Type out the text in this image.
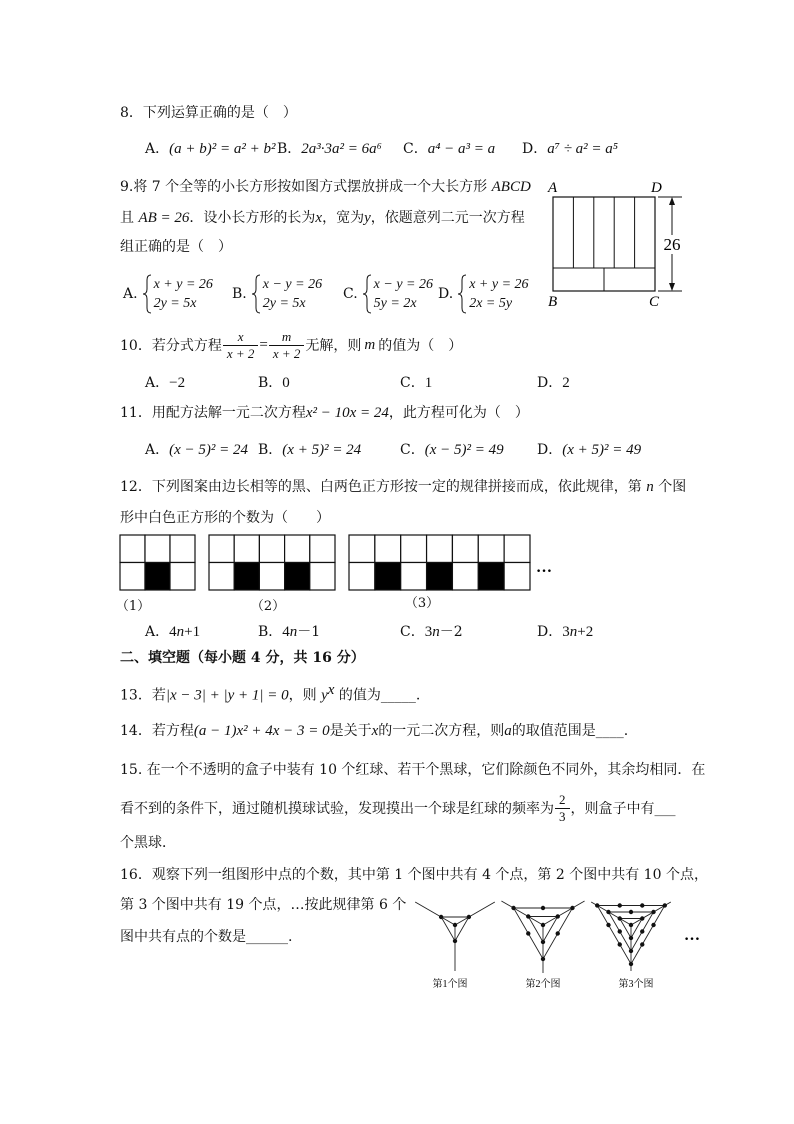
8．下列运算正确的是（　）
A．(a + b)² = a² + b² B．2a³·3a² = 6a⁶ C．a⁴ − a³ = a D．a⁷ ÷ a² = a⁵
9.将 7 个全等的小长方形按如图方式摆放拼成一个大长方形 ABCD
且 AB = 26．设小长方形的长为x，宽为y，依题意列二元一次方程
组正确的是（　）
A.
x + y = 26
2y = 5x
B.
x − y = 26
2y = 5x
C.
x − y = 26
5y = 2x
D.
x + y = 26
2x = 5y
26
A	D
B	C
10．若分式方程 $\frac{x}{x + 2} = \frac{m}{x + 2}$ 无解，则 m 的值为（　）
A．−2	B．0	C．1	D．2
11．用配方法解一元二次方程x² − 10x = 24，此方程可化为（　）
A．(x − 5)² = 24 B．(x + 5)² = 24	C．(x − 5)² = 49 D．(x + 5)² = 49
12．下列图案由边长相等的黑、白两色正方形按一定的规律拼接而成，依此规律，第 n 个图
形中白色正方形的个数为（　　）
…
（1）	（2）	（3）
A．4n+1	B．4n－1	C．3n－2	D．3n+2
二、填空题（每小题 4 分，共 16 分）
13．若|x − 3| + |y + 1| = 0，则 $y^x$ 的值为_____.
14．若方程(a − 1)x² + 4x − 3 = 0是关于x的一元二次方程，则a的取值范围是____.
15. 在一个不透明的盒子中装有 10 个红球、若干个黑球，它们除颜色不同外，其余均相同．在
看不到的条件下，通过随机摸球试验，发现摸出一个球是红球的频率为 $\frac{2}{3}$ ，则盒子中有___
个黑球．
16．观察下列一组图形中点的个数，其中第 1 个图中共有 4 个点，第 2 个图中共有 10 个点，
第 3 个图中共有 19 个点，…按此规律第 6 个
图中共有点的个数是______.
第1个图	第2个图	第3个图
…
